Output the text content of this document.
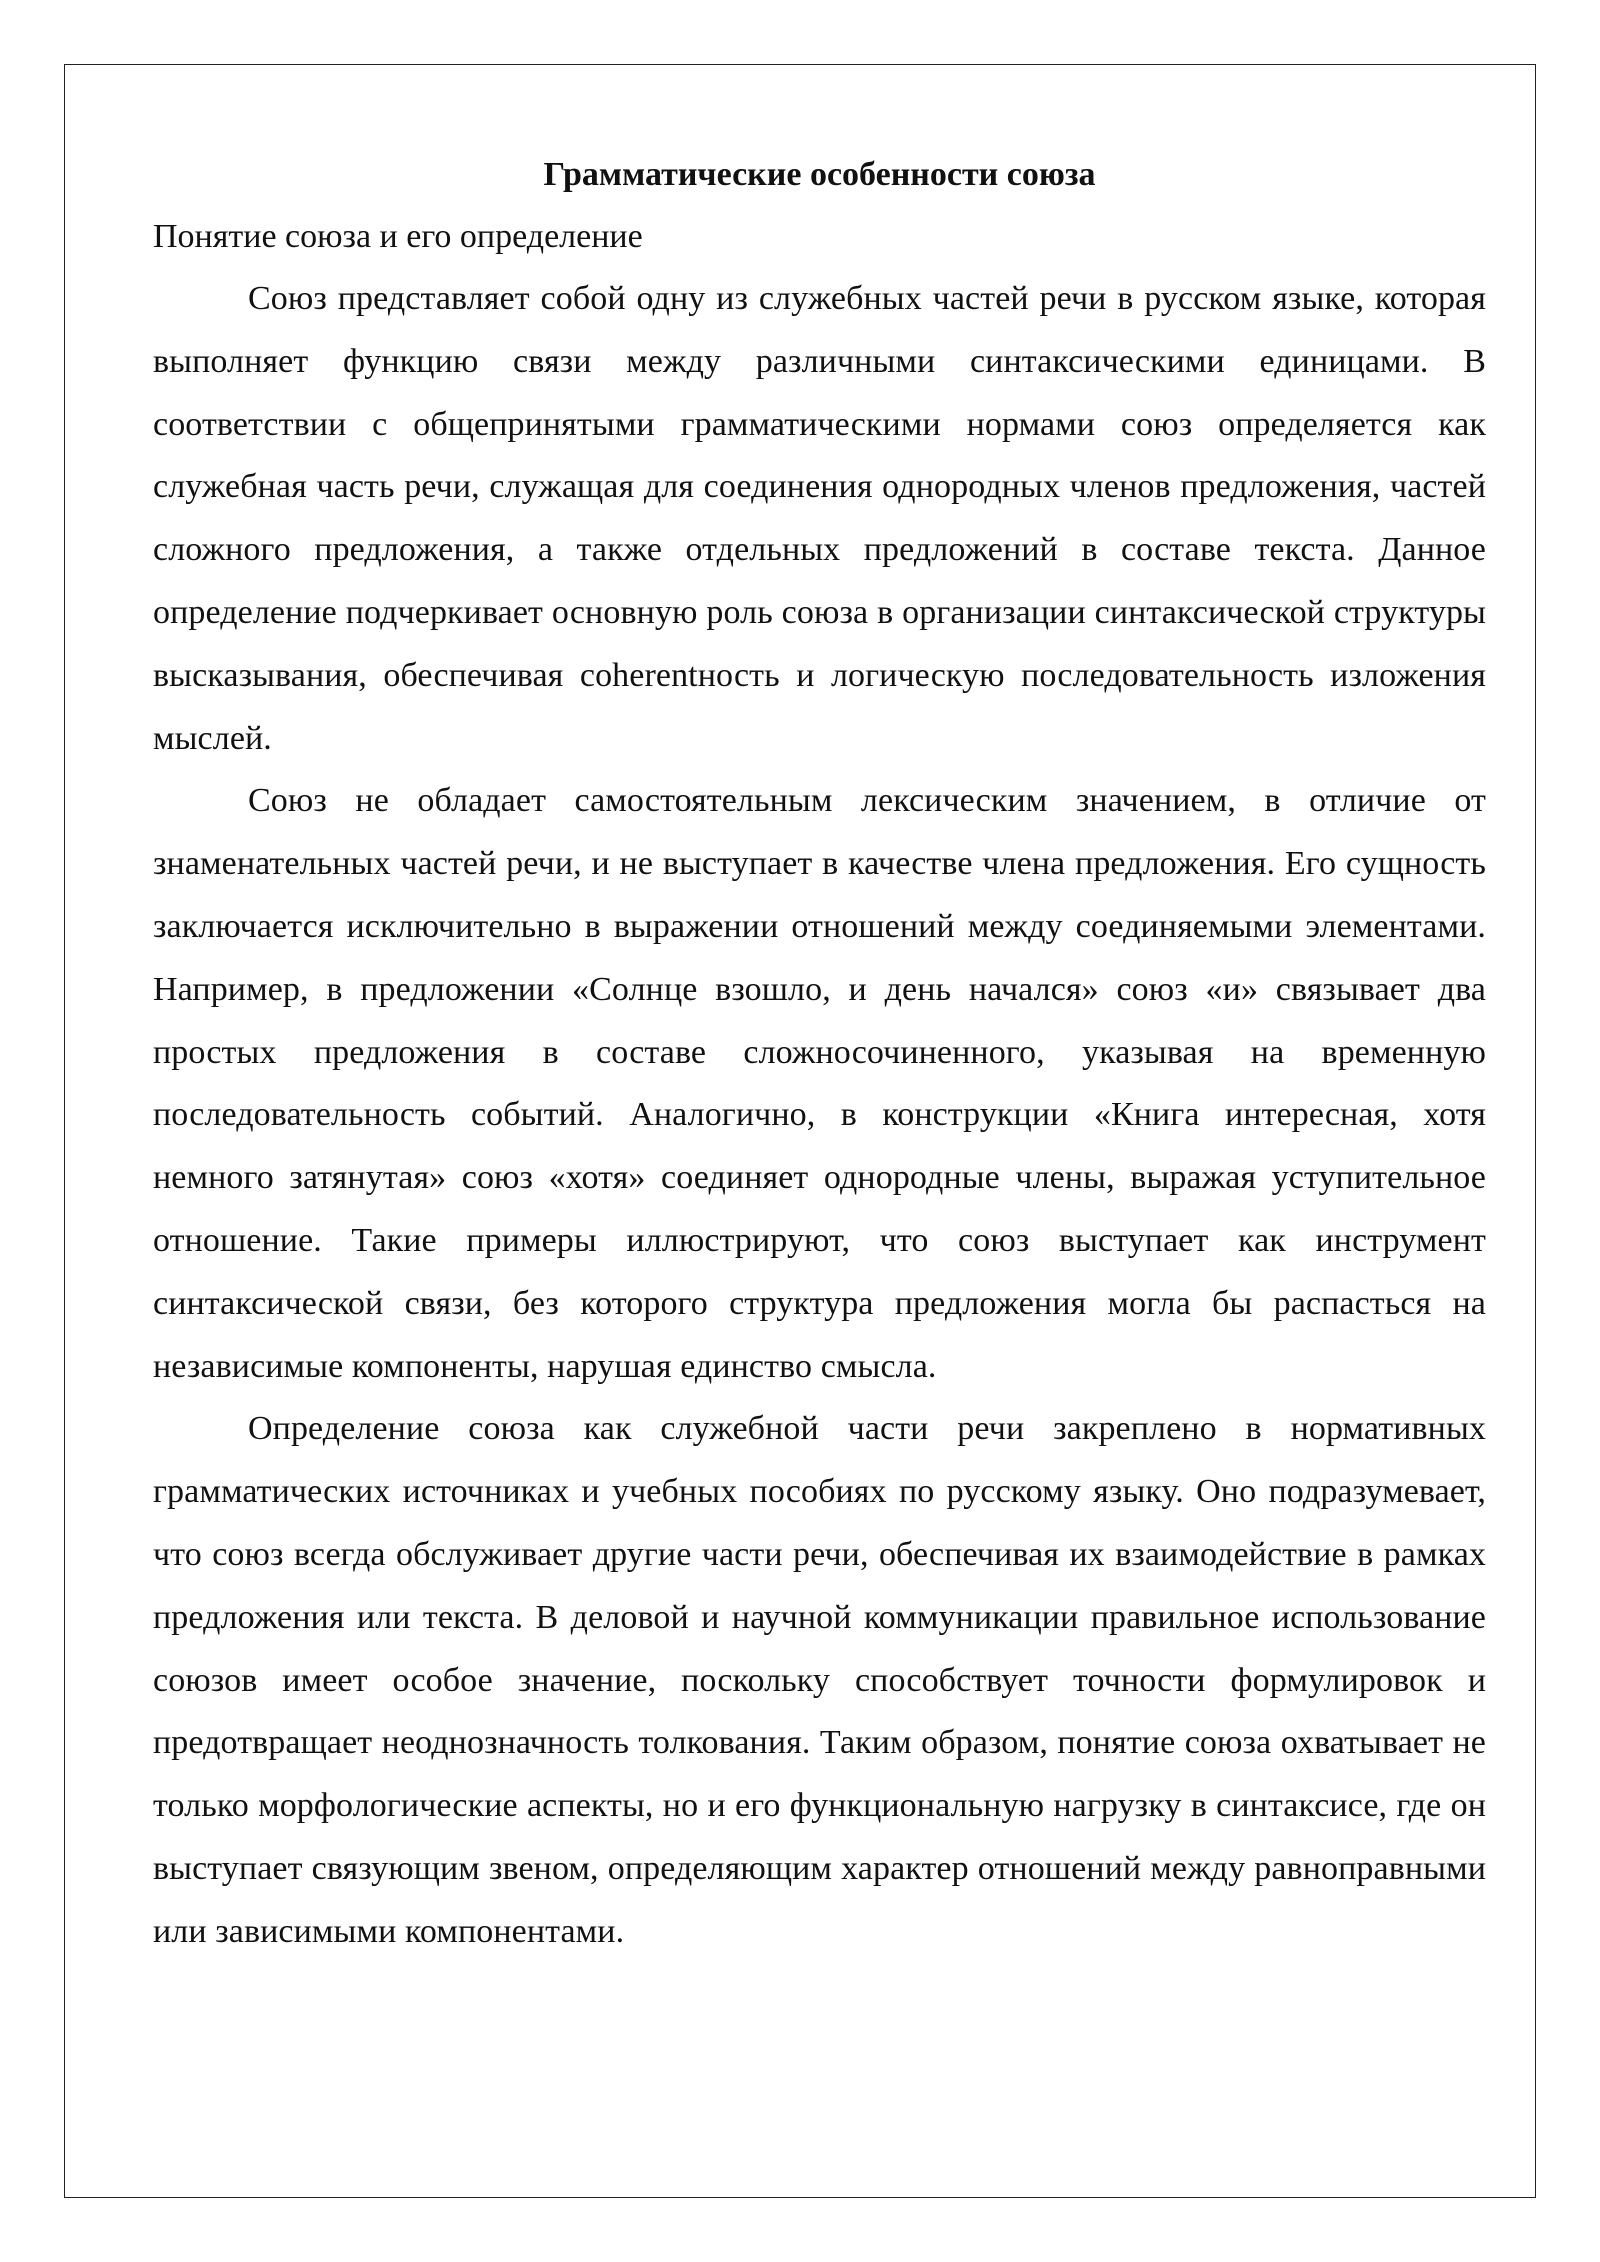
Грамматические особенности союза

Понятие союза и его определение

Союз представляет собой одну из служебных частей речи в русском языке, которая выполняет функцию связи между различными синтаксическими единицами. В соответствии с общепринятыми грамматическими нормами союз определяется как служебная часть речи, служащая для соединения однородных членов предложения, частей сложного предложения, а также отдельных предложений в составе текста. Данное определение подчеркивает основную роль союза в организации синтаксической структуры высказывания, обеспечивая coherentность и логическую последовательность изложения мыслей.

Союз не обладает самостоятельным лексическим значением, в отличие от знаменательных частей речи, и не выступает в качестве члена предложения. Его сущность заключается исключительно в выражении отношений между соединяемыми элементами. Например, в предложении «Солнце взошло, и день начался» союз «и» связывает два простых предложения в составе сложносочиненного, указывая на временную последовательность событий. Аналогично, в конструкции «Книга интересная, хотя немного затянутая» союз «хотя» соединяет однородные члены, выражая уступительное отношение. Такие примеры иллюстрируют, что союз выступает как инструмент синтаксической связи, без которого структура предложения могла бы распасться на независимые компоненты, нарушая единство смысла.

Определение союза как служебной части речи закреплено в нормативных грамматических источниках и учебных пособиях по русскому языку. Оно подразумевает, что союз всегда обслуживает другие части речи, обеспечивая их взаимодействие в рамках предложения или текста. В деловой и научной коммуникации правильное использование союзов имеет особое значение, поскольку способствует точности формулировок и предотвращает неоднозначность толкования. Таким образом, понятие союза охватывает не только морфологические аспекты, но и его функциональную нагрузку в синтаксисе, где он выступает связующим звеном, определяющим характер отношений между равноправными или зависимыми компонентами.
